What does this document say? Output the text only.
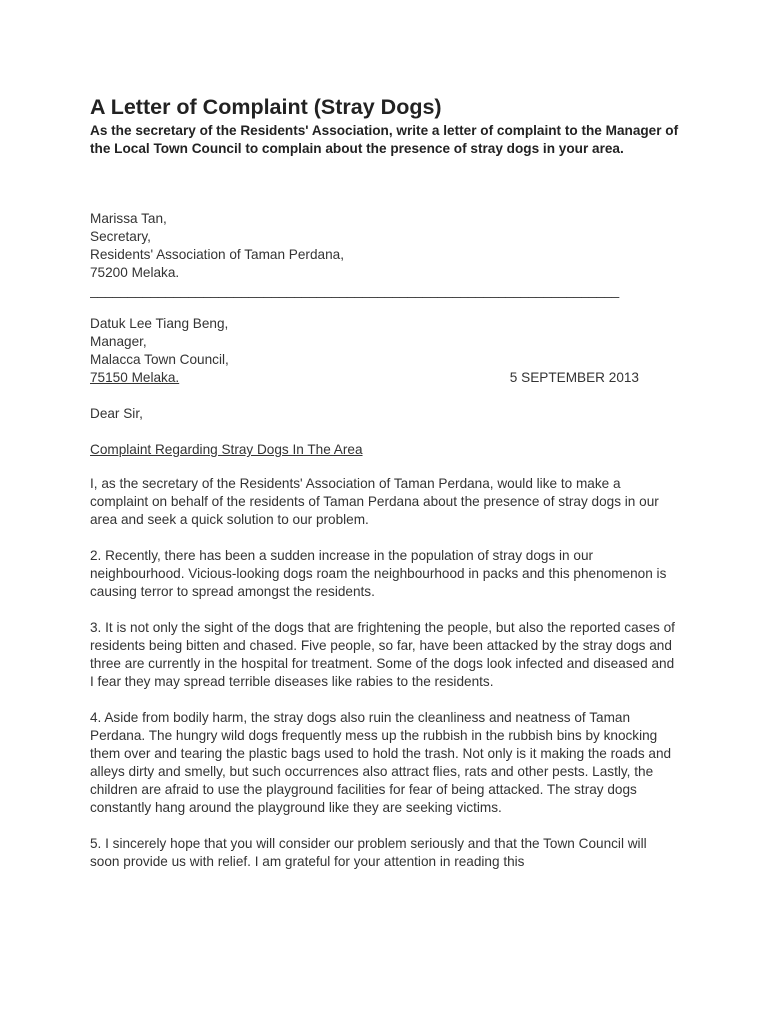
A Letter of Complaint (Stray Dogs)

As the secretary of the Residents' Association, write a letter of complaint to the Manager of the Local Town Council to complain about the presence of stray dogs in your area.

Marissa Tan,
Secretary,
Residents' Association of Taman Perdana,
75200 Melaka.
______________________________________________________________________
Datuk Lee Tiang Beng,
Manager,
Malacca Town Council,
75150 Melaka.	5 SEPTEMBER 2013
Dear Sir,
Complaint Regarding Stray Dogs In The Area

I, as the secretary of the Residents' Association of Taman Perdana, would like to make a complaint on behalf of the residents of Taman Perdana about the presence of stray dogs in our area and seek a quick solution to our problem.

2. Recently, there has been a sudden increase in the population of stray dogs in our neighbourhood. Vicious-looking dogs roam the neighbourhood in packs and this phenomenon is causing terror to spread amongst the residents.

3. It is not only the sight of the dogs that are frightening the people, but also the reported cases of residents being bitten and chased. Five people, so far, have been attacked by the stray dogs and three are currently in the hospital for treatment. Some of the dogs look infected and diseased and I fear they may spread terrible diseases like rabies to the residents.

4. Aside from bodily harm, the stray dogs also ruin the cleanliness and neatness of Taman Perdana. The hungry wild dogs frequently mess up the rubbish in the rubbish bins by knocking them over and tearing the plastic bags used to hold the trash. Not only is it making the roads and alleys dirty and smelly, but such occurrences also attract flies, rats and other pests. Lastly, the children are afraid to use the playground facilities for fear of being attacked. The stray dogs constantly hang around the playground like they are seeking victims.

5. I sincerely hope that you will consider our problem seriously and that the Town Council will soon provide us with relief. I am grateful for your attention in reading this
